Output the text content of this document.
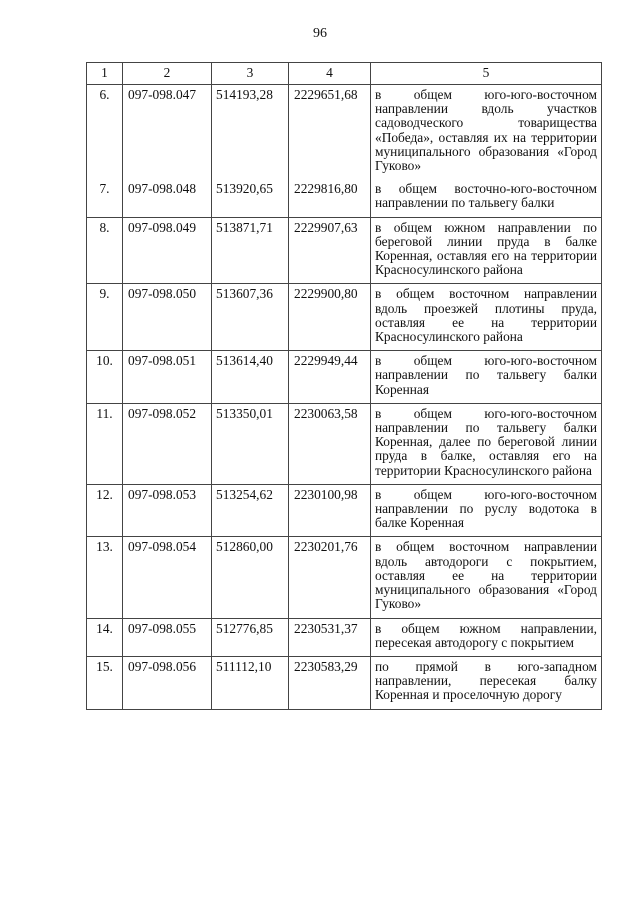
96
1	2	3	4	5
6.	097-098.047	514193,28	2229651,68	в общем юго-юго-восточном направлении вдоль участков садоводческого товарищества «Победа», оставляя их на территории муниципального образования «Город Гуково»
7.	097-098.048	513920,65	2229816,80	в общем восточно-юго-восточном направлении по тальвегу балки
8.	097-098.049	513871,71	2229907,63	в общем южном направлении по береговой линии пруда в балке Коренная, оставляя его на территории Красносулинского района
9.	097-098.050	513607,36	2229900,80	в общем восточном направлении вдоль проезжей плотины пруда, оставляя ее на территории Красносулинского района
10.	097-098.051	513614,40	2229949,44	в общем юго-юго-восточном направлении по тальвегу балки Коренная
11.	097-098.052	513350,01	2230063,58	в общем юго-юго-восточном направлении по тальвегу балки Коренная, далее по береговой линии пруда в балке, оставляя его на территории Красносулинского района
12.	097-098.053	513254,62	2230100,98	в общем юго-юго-восточном направлении по руслу водотока в балке Коренная
13.	097-098.054	512860,00	2230201,76	в общем восточном направлении вдоль автодороги с покрытием, оставляя ее на территории муниципального образования «Город Гуково»
14.	097-098.055	512776,85	2230531,37	в общем южном направлении, пересекая автодорогу с покрытием
15.	097-098.056	511112,10	2230583,29	по прямой в юго-западном направлении, пересекая балку Коренная и проселочную дорогу
